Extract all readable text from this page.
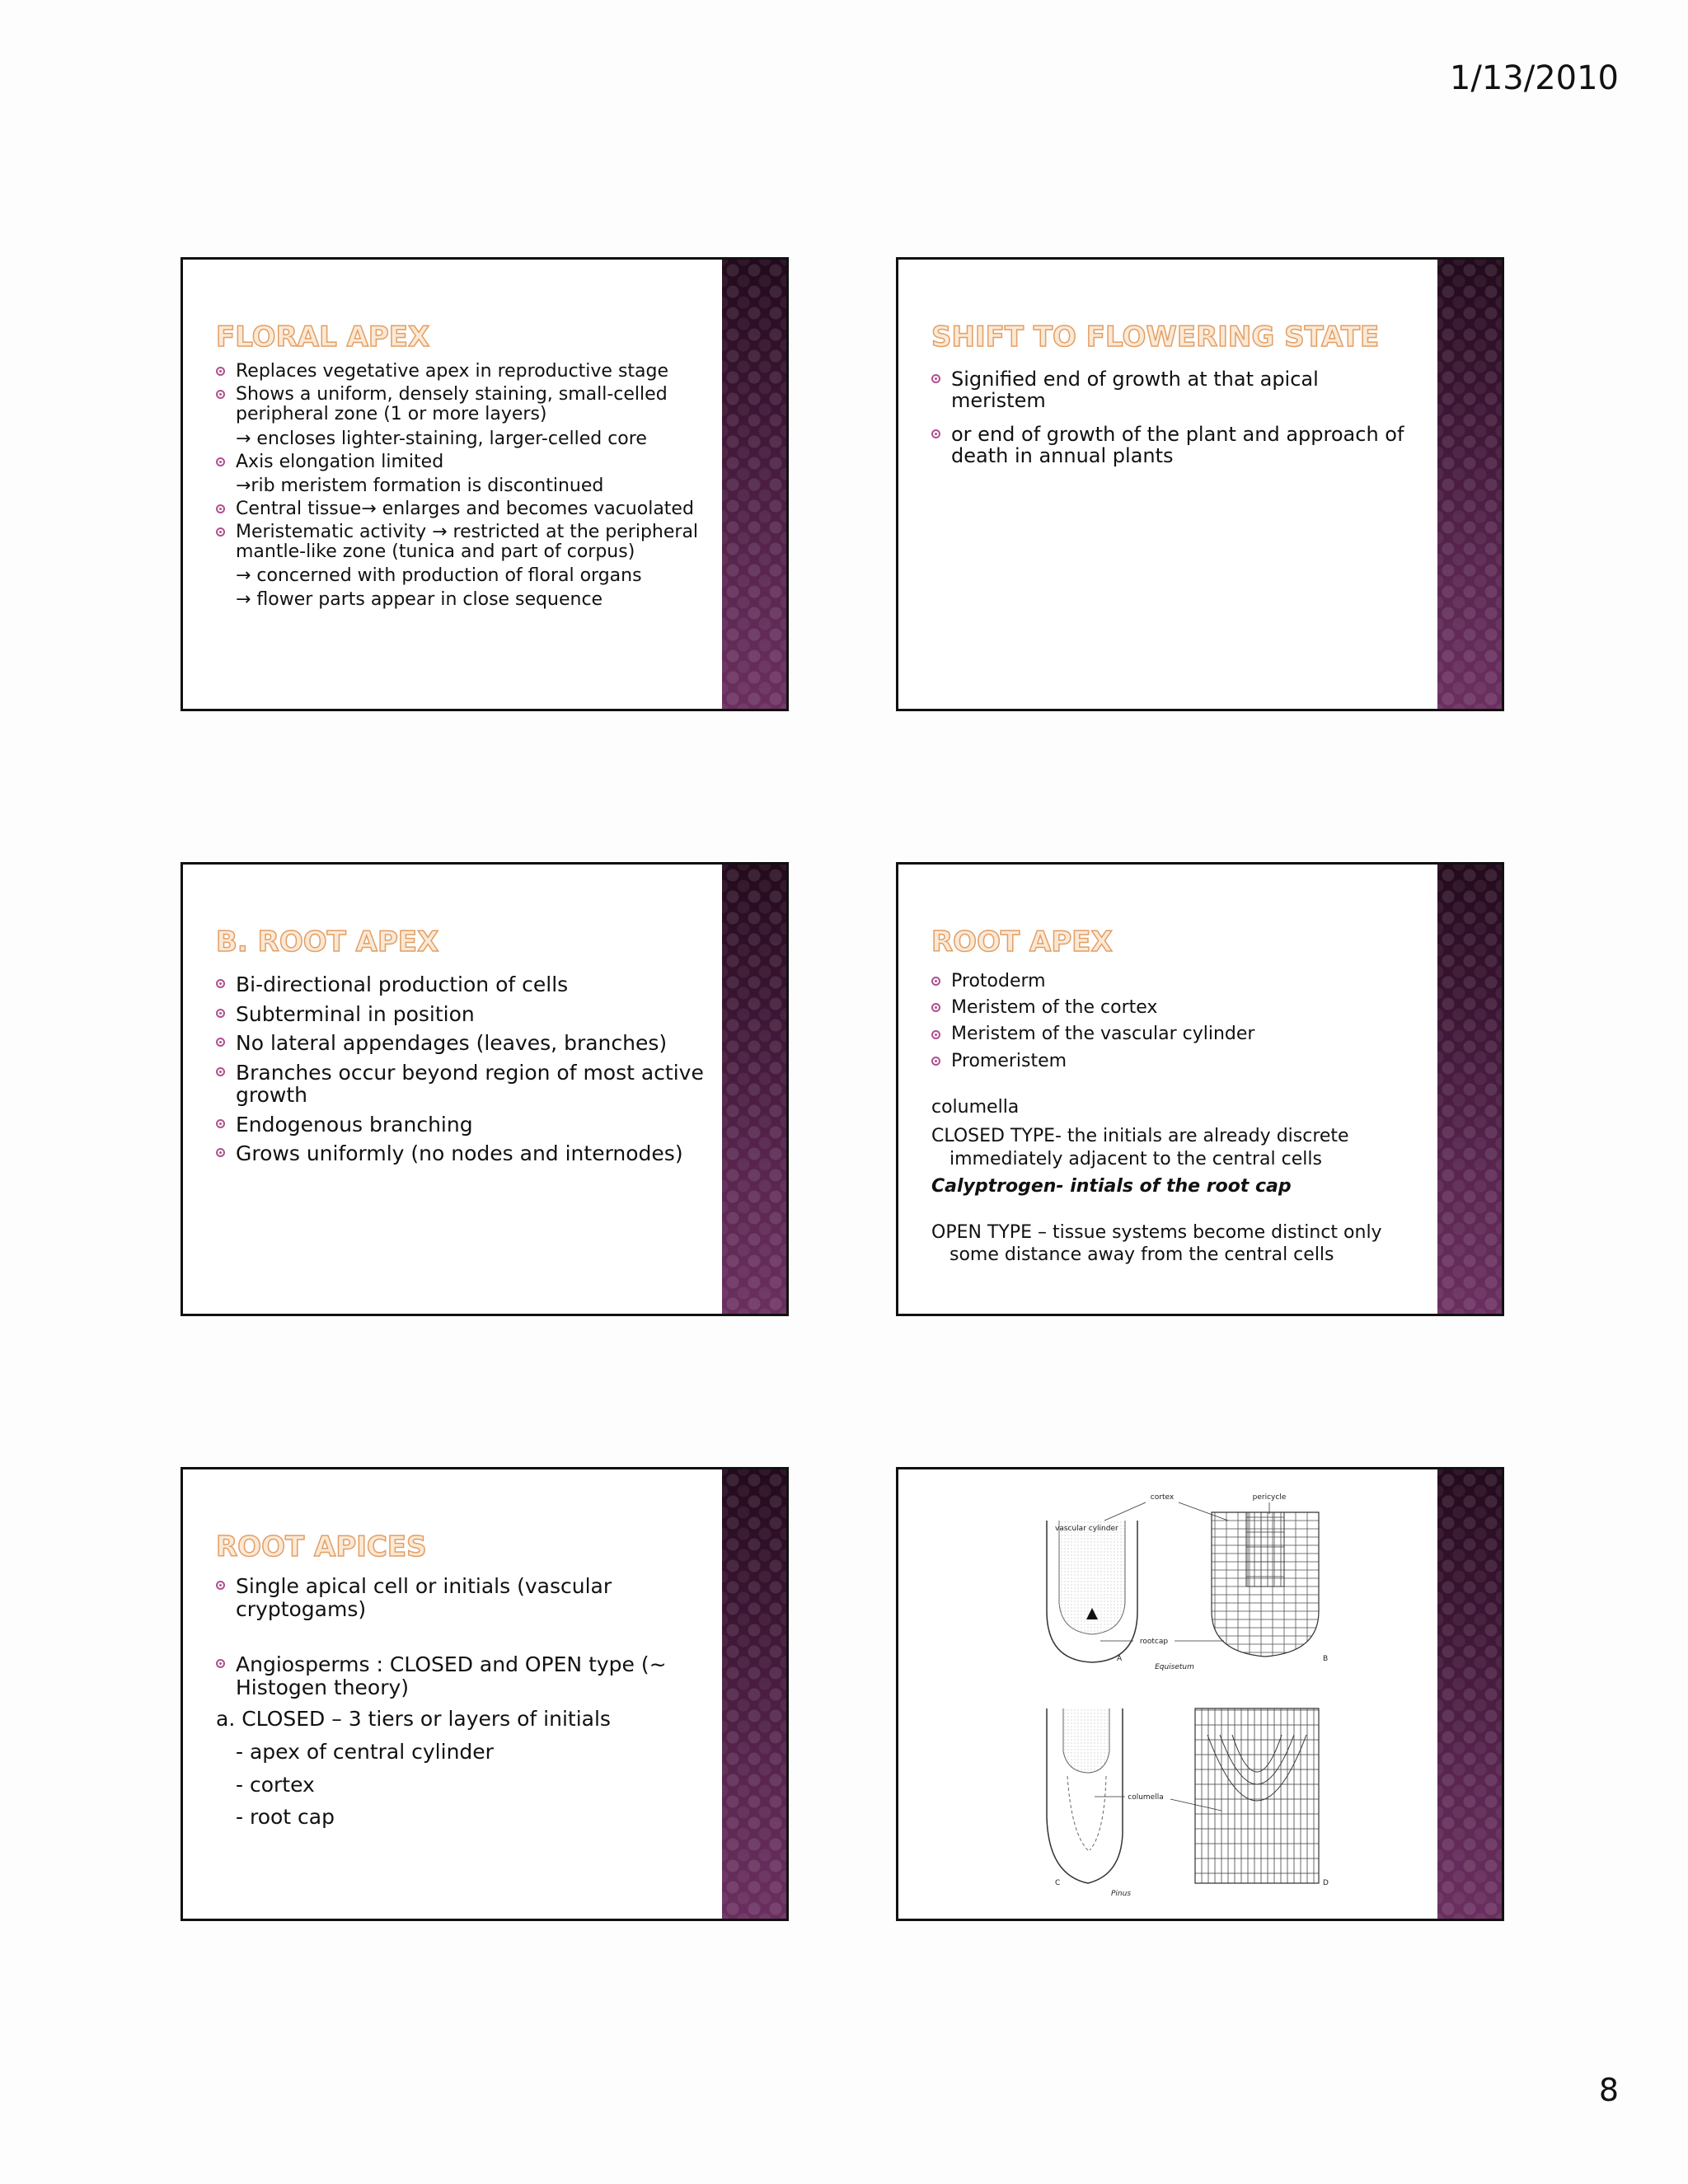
1/13/2010
FLORAL APEX
Replaces vegetative apex in reproductive stage
Shows a uniform, densely staining, small-celled peripheral zone (1 or more layers)
→ encloses lighter-staining, larger-celled core
Axis elongation limited
→rib meristem formation is discontinued
Central tissue→ enlarges and becomes vacuolated
Meristematic activity → restricted at the peripheral mantle-like zone (tunica and part of corpus)
→ concerned with production of floral organs
→ flower parts appear in close sequence
SHIFT TO FLOWERING STATE
Signified end of growth at that apical meristem
or end of growth of the plant and approach of death in annual plants
B. ROOT APEX
Bi-directional production of cells
Subterminal in position
No lateral appendages (leaves, branches)
Branches occur beyond region of most active growth
Endogenous branching
Grows uniformly (no nodes and internodes)
ROOT APEX
Protoderm
Meristem of the cortex
Meristem of the vascular cylinder
Promeristem

columella

CLOSED TYPE- the initials are already discrete
immediately adjacent to the central cells

Calyptrogen- intials of the root cap

OPEN TYPE – tissue systems become distinct only
some distance away from the central cells

ROOT APICES
Single apical cell or initials (vascular cryptogams)
Angiosperms : CLOSED and OPEN type (~ Histogen theory)

a. CLOSED – 3 tiers or layers of initials

- apex of central cylinder

- cortex

- root cap

cortex	pericycle
vascular cylinder
rootcap
Equisetum
columella
Pinus
A	B
C	D
8
